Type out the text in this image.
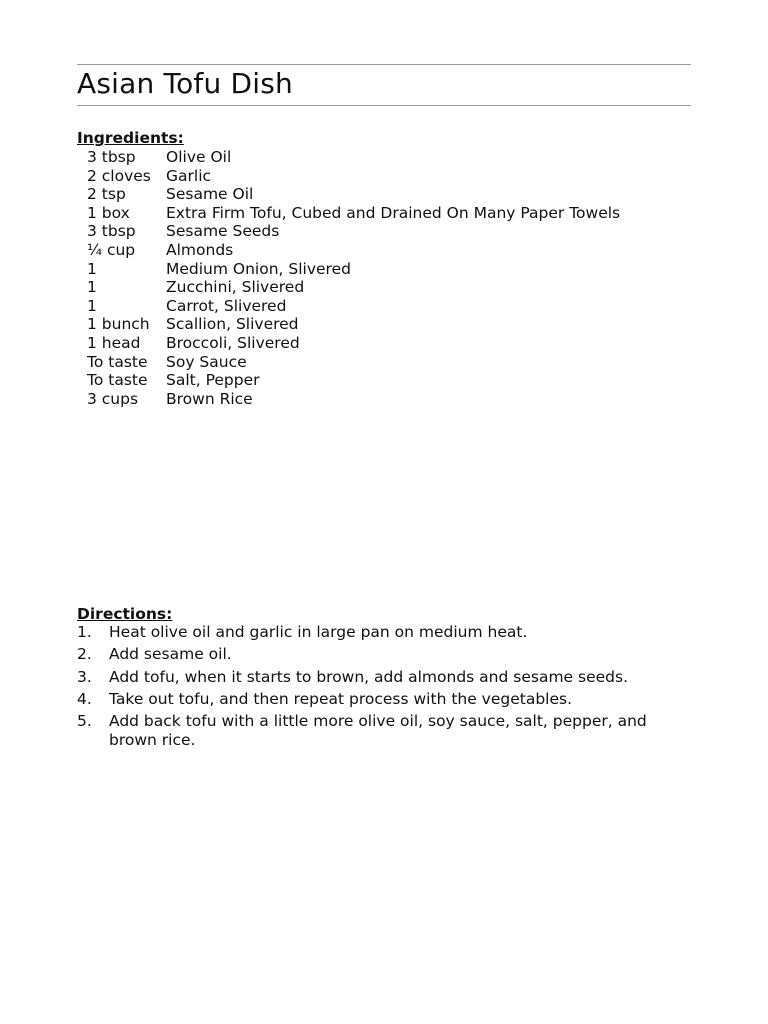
Asian Tofu Dish
Ingredients:
3 tbsp	Olive Oil
2 cloves Garlic
2 tsp	Sesame Oil
1 box	Extra Firm Tofu, Cubed and Drained On Many Paper Towels
3 tbsp	Sesame Seeds
¼ cup	Almonds
1	Medium Onion, Slivered
1	Zucchini, Slivered
1	Carrot, Slivered
1 bunch	Scallion, Slivered
1 head	Broccoli, Slivered
To taste	Soy Sauce
To taste	Salt, Pepper
3 cups	Brown Rice
Directions:
1.	Heat olive oil and garlic in large pan on medium heat.
2.	Add sesame oil.
3.	Add tofu, when it starts to brown, add almonds and sesame seeds.
4.	Take out tofu, and then repeat process with the vegetables.
5.	Add back tofu with a little more olive oil, soy sauce, salt, pepper, and brown rice.
